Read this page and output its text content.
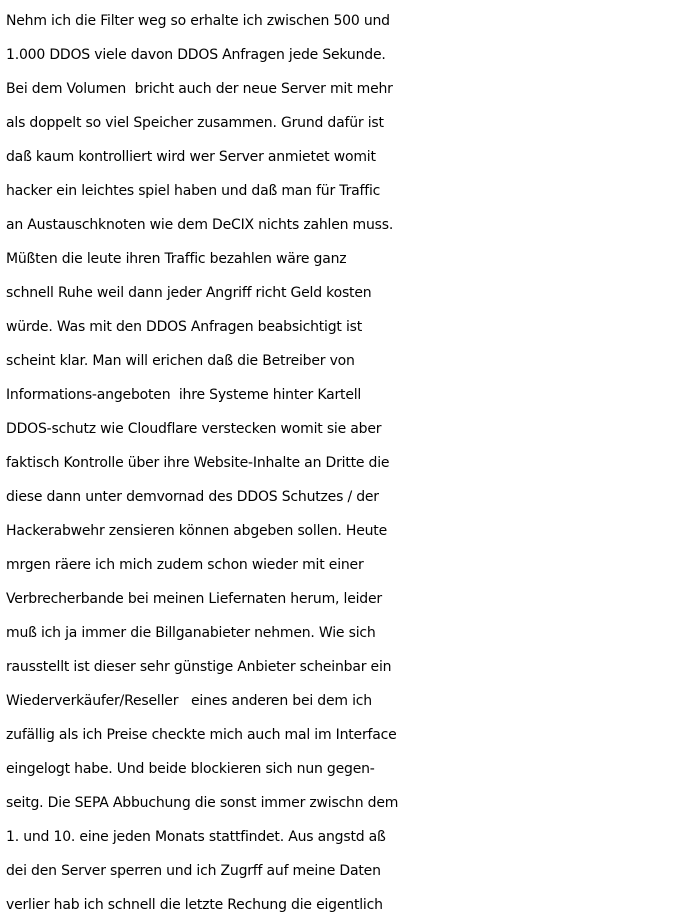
Nehm ich die Filter weg so erhalte ich zwischen 500 und
1.000 DDOS viele davon DDOS Anfragen jede Sekunde.
Bei dem Volumen  bricht auch der neue Server mit mehr
als doppelt so viel Speicher zusammen. Grund dafür ist
daß kaum kontrolliert wird wer Server anmietet womit
hacker ein leichtes spiel haben und daß man für Traffic
an Austauschknoten wie dem DeCIX nichts zahlen muss.
Müßten die leute ihren Traffic bezahlen wäre ganz
schnell Ruhe weil dann jeder Angriff richt Geld kosten
würde. Was mit den DDOS Anfragen beabsichtigt ist
scheint klar. Man will erichen daß die Betreiber von
Informations-angeboten  ihre Systeme hinter Kartell
DDOS-schutz wie Cloudflare verstecken womit sie aber
faktisch Kontrolle über ihre Website-Inhalte an Dritte die
diese dann unter demvornad des DDOS Schutzes / der
Hackerabwehr zensieren können abgeben sollen. Heute
mrgen räere ich mich zudem schon wieder mit einer
Verbrecherbande bei meinen Liefernaten herum, leider
muß ich ja immer die Billganabieter nehmen. Wie sich
rausstellt ist dieser sehr günstige Anbieter scheinbar ein
Wiederverkäufer/Reseller   eines anderen bei dem ich
zufällig als ich Preise checkte mich auch mal im Interface
eingelogt habe. Und beide blockieren sich nun gegen-
seitg. Die SEPA Abbuchung die sonst immer zwischn dem
1. und 10. eine jeden Monats stattfindet. Aus angstd aß
dei den Server sperren und ich Zugrff auf meine Daten
verlier hab ich schnell die letzte Rechung die eigentlich
